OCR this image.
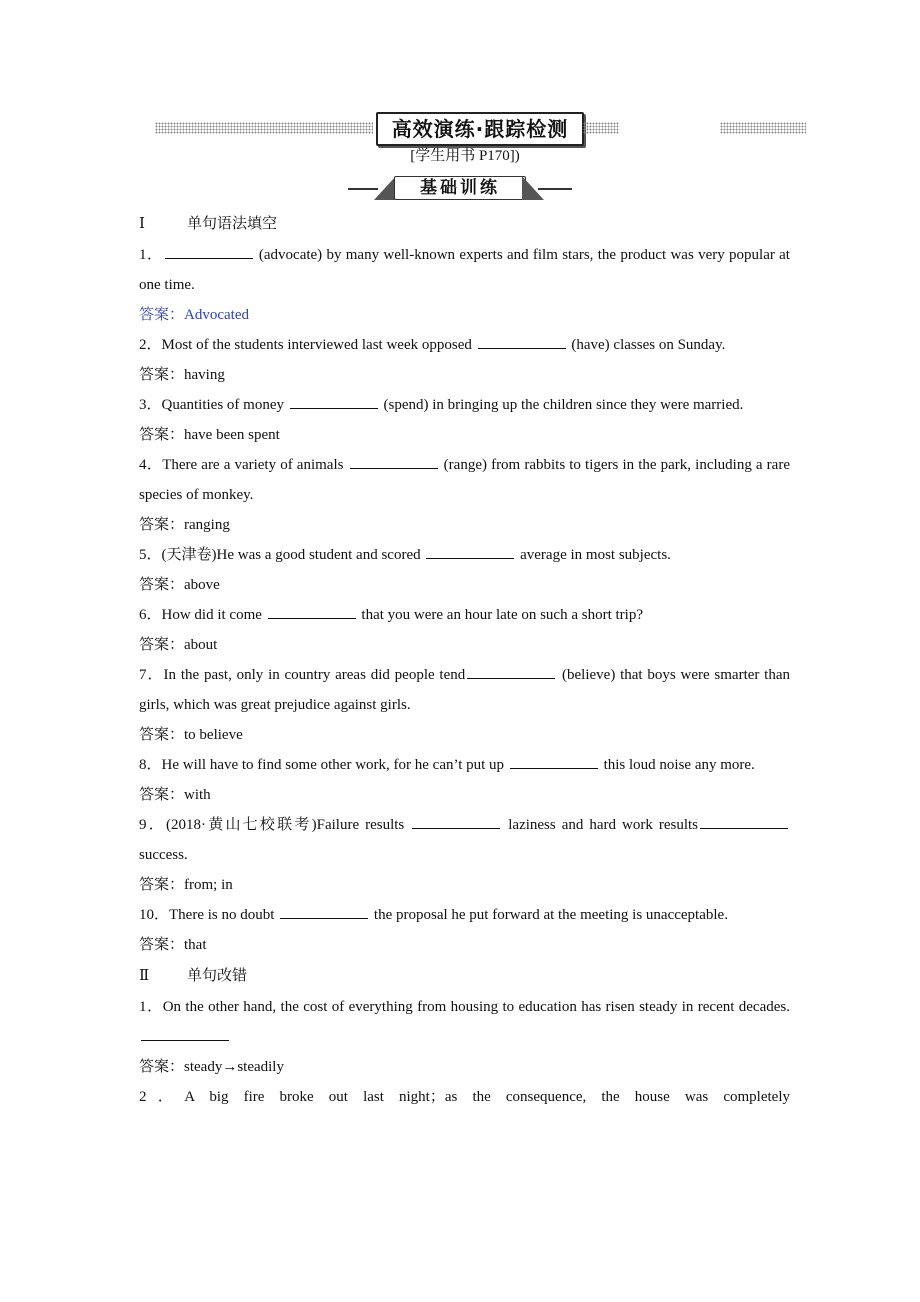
高效演练·跟踪检测
[学生用书 P170])
基础训练
Ⅰ	单句语法填空

1．	(advocate) by many well-known experts and film stars, the product was very popular at one time.

答案：Advocated

2．Most of the students interviewed last week opposed	(have) classes on Sunday.

答案：having

3．Quantities of money	(spend) in bringing up the children since they were married.

答案：have been spent

4．There are a variety of animals	(range) from rabbits to tigers in the park, including a rare species of monkey.

答案：ranging

5．(天津卷)He was a good student and scored	average in most subjects.

答案：above

6．How did it come	that you were an hour late on such a short trip?

答案：about

7．In the past, only in country areas did people tend	(believe) that boys were smarter than girls, which was great prejudice against girls.

答案：to believe

8．He will have to find some other work, for he can’t put up	this loud noise any more.

答案：with

9．(2018·黄山七校联考)Failure results	laziness and hard work results success.

答案：from; in

10．There is no doubt	the proposal he put forward at the meeting is unacceptable.

答案：that

Ⅱ	单句改错

1．On the other hand, the cost of everything from housing to education has risen steady in recent decades.

答案：steady→steadily

2．A big fire broke out last night；as the consequence, the house was completely
